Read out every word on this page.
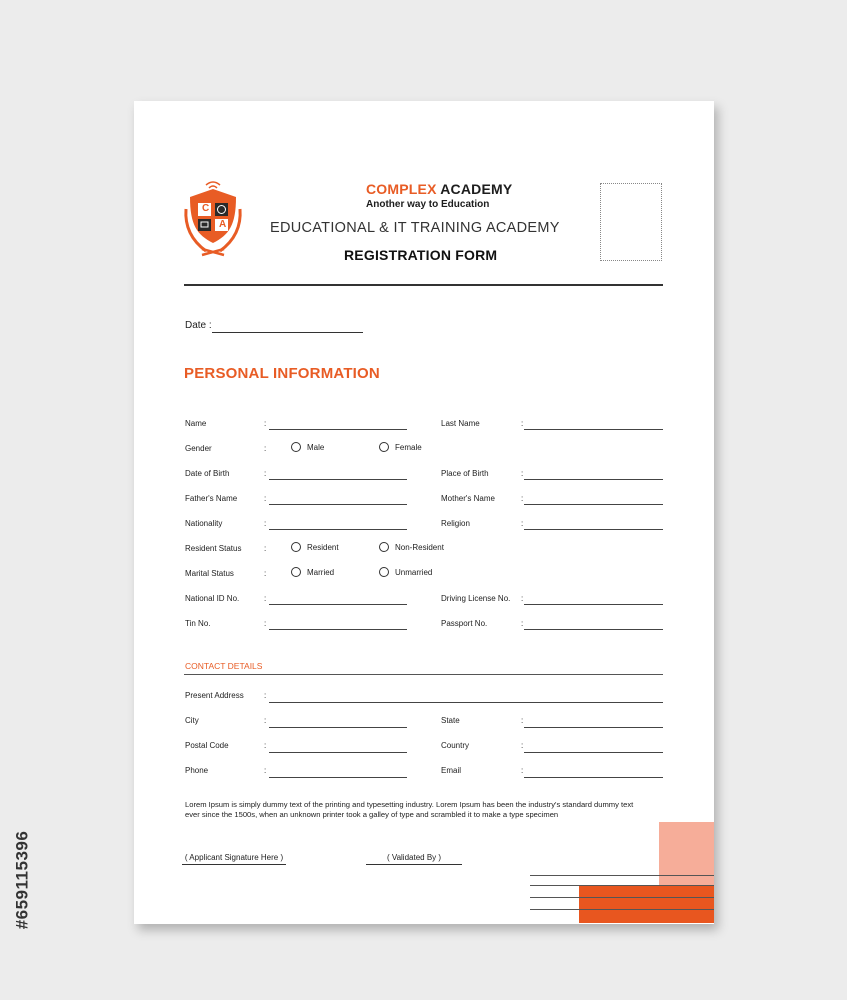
#659115396
C
A
COMPLEX ACADEMY
Another way to Education
EDUCATIONAL & IT TRAINING ACADEMY
REGISTRATION FORM
Date :
PERSONAL INFORMATION
Name	:	Last Name	:
Gender	:	Male	Female
Date of Birth	:	Place of Birth	:
Father's Name	:	Mother's Name	:
Nationality	:	Religion	:
Resident Status	:	Resident	Non-Resident
Marital Status	:	Married	Unmarried
National ID No.	:	Driving License No. :
Tin No.	:	Passport No.	:
CONTACT DETAILS
Present Address	:
City	:	State	:
Postal Code	:	Country	:
Phone	:	Email	:
Lorem Ipsum is simply dummy text of the printing and typesetting industry. Lorem Ipsum has been the industry's standard dummy text ever since the 1500s, when an unknown printer took a galley of type and scrambled it to make a type specimen
( Applicant Signature Here )	( Validated By )
